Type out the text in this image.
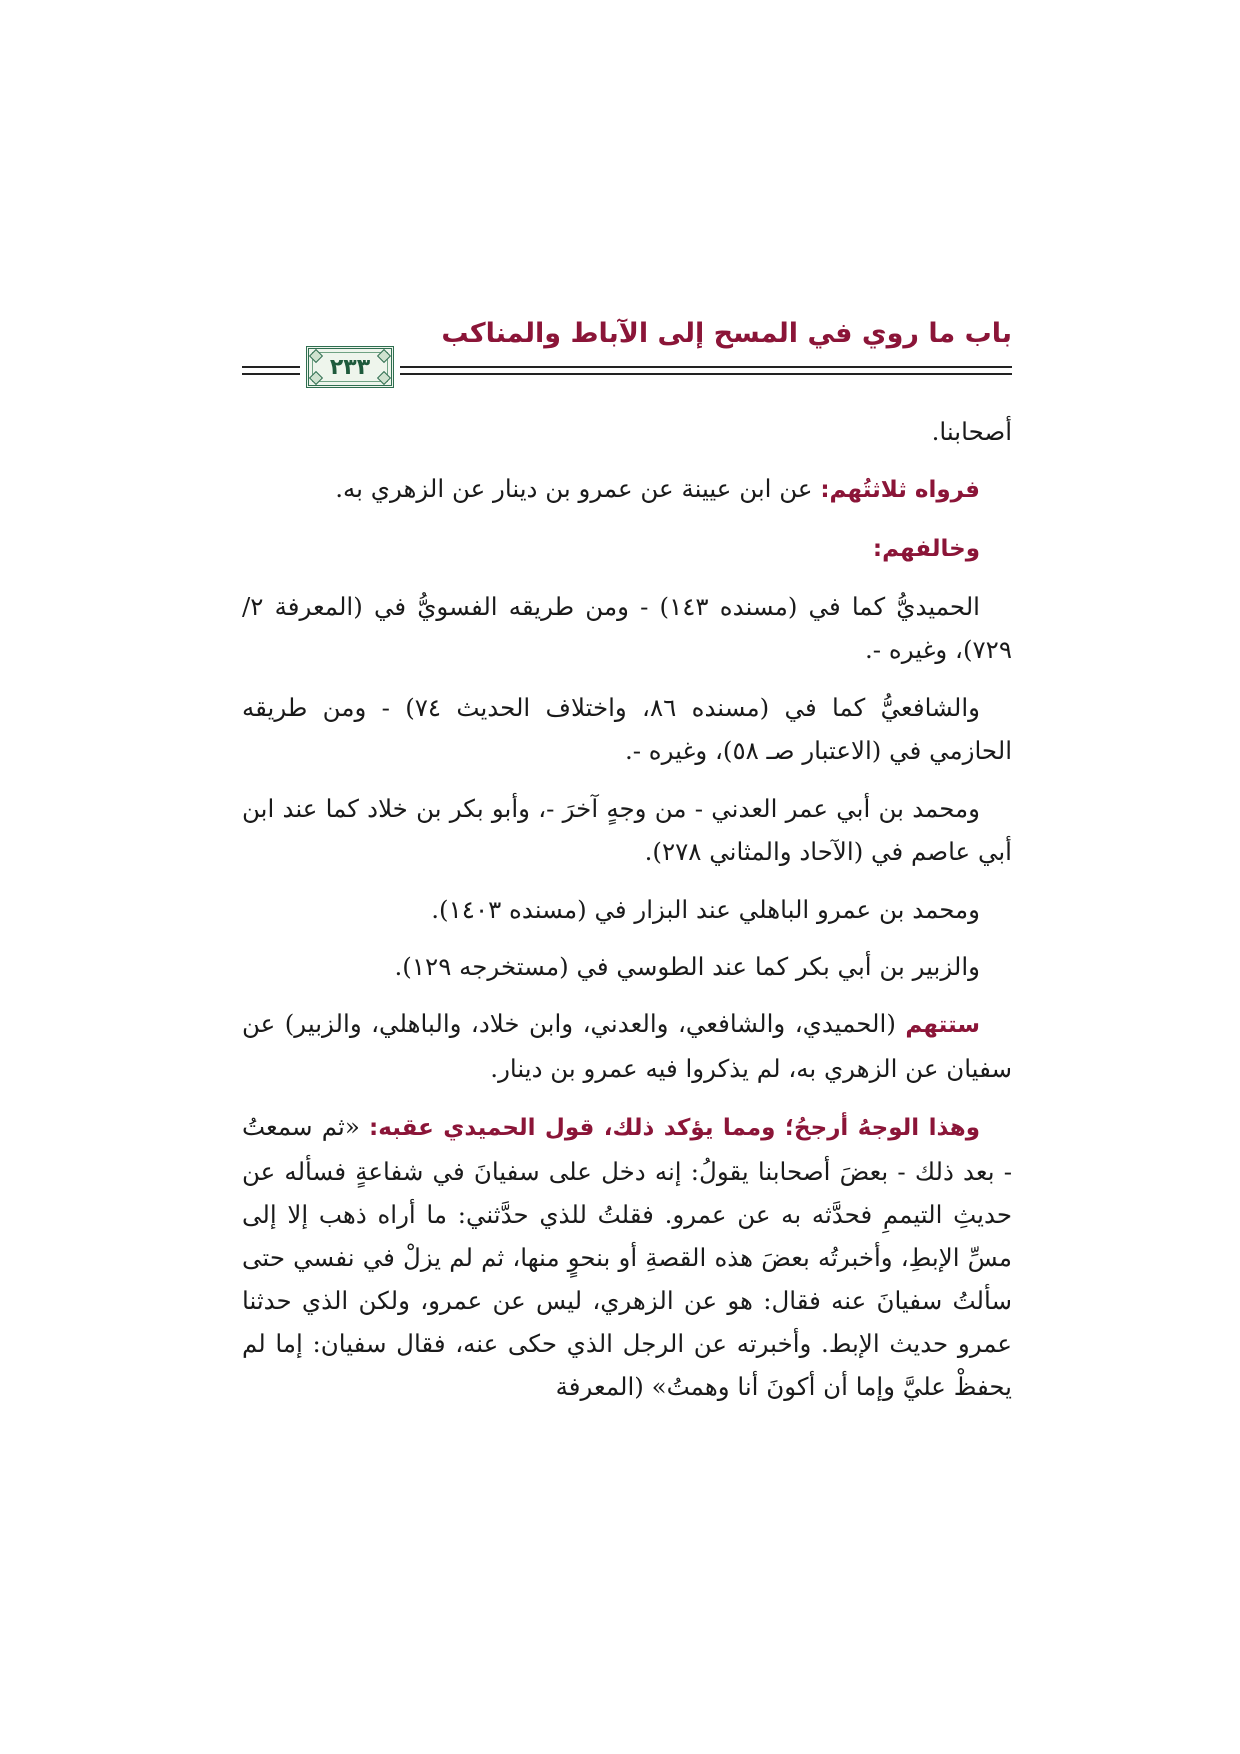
باب ما روي في المسح إلى الآباط والمناكب
٢٣٣

أصحابنا.

فرواه ثلاثتُهم: عن ابن عيينة عن عمرو بن دينار عن الزهري به.

وخالفهم:

الحميديُّ كما في (مسنده ١٤٣) - ومن طريقه الفسويُّ في (المعرفة ٢/ ٧٢٩)، وغيره -.

والشافعيُّ كما في (مسنده ٨٦، واختلاف الحديث ٧٤) - ومن طريقه الحازمي في (الاعتبار صـ ٥٨)، وغيره -.

ومحمد بن أبي عمر العدني - من وجهٍ آخرَ -، وأبو بكر بن خلاد كما عند ابن أبي عاصم في (الآحاد والمثاني ٢٧٨).

ومحمد بن عمرو الباهلي عند البزار في (مسنده ١٤٠٣).

والزبير بن أبي بكر كما عند الطوسي في (مستخرجه ١٢٩).

ستتهم (الحميدي، والشافعي، والعدني، وابن خلاد، والباهلي، والزبير) عن سفيان عن الزهري به، لم يذكروا فيه عمرو بن دينار.

وهذا الوجهُ أرجحُ؛ ومما يؤكد ذلك، قول الحميدي عقبه: «ثم سمعتُ - بعد ذلك - بعضَ أصحابنا يقولُ: إنه دخل على سفيانَ في شفاعةٍ فسأله عن حديثِ التيممِ فحدَّثه به عن عمرو. فقلتُ للذي حدَّثني: ما أراه ذهب إلا إلى مسِّ الإبطِ، وأخبرتُه بعضَ هذه القصةِ أو بنحوٍ منها، ثم لم يزلْ في نفسي حتى سألتُ سفيانَ عنه فقال: هو عن الزهري، ليس عن عمرو، ولكن الذي حدثنا عمرو حديث الإبط. وأخبرته عن الرجل الذي حكى عنه، فقال سفيان: إما لم يحفظْ عليَّ وإما أن أكونَ أنا وهمتُ» (المعرفة
